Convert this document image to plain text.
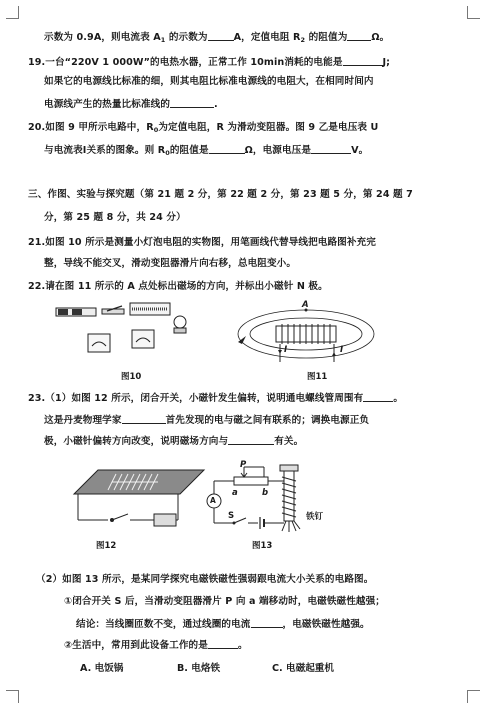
示数为 0.9A，则电流表 $A_1$ 的示数为	A，定值电阻 $R_2$ 的阻值为	Ω。
19.一台“220V 1 000W”的电热水器，正常工作 10min消耗的电能是	J;
如果它的电源线比标准的细，则其电阻比标准电源线的电阻大，在相同时间内
电源线产生的热量比标准线的	.
20.如图 9 甲所示电路中，$R_0$为定值电阻，R 为滑动变阻器。图 9 乙是电压表 U
与电流表Ⅰ关系的图象。则 $R_0$的阻值是	Ω，电源电压是	V。
三、作图、实验与探究题（第 21 题 2 分，第 22 题 2 分，第 23 题 5 分，第 24 题 7
分，第 25 题 8 分，共 24 分）
21.如图 10 所示是测量小灯泡电阻的实物图，用笔画线代替导线把电路图补充完
整，导线不能交叉，滑动变阻器滑片向右移，总电阻变小。
22.请在图 11 所示的 A 点处标出磁场的方向，并标出小磁针 N 极。
图10
A
I	I
图11
23.（1）如图 12 所示，闭合开关，小磁针发生偏转，说明通电螺线管周围有	。
这是丹麦物理学家	首先发现的电与磁之间有联系的；调换电源正负
极，小磁针偏转方向改变，说明磁场方向与	有关。
图12
P
a	b
A
S	铁钉
图13
（2）如图 13 所示，是某同学探究电磁铁磁性强弱跟电流大小关系的电路图。
①闭合开关 S 后，当滑动变阻器滑片 P 向 a 端移动时，电磁铁磁性越强；
结论：当线圈匝数不变，通过线圈的电流	，电磁铁磁性越强。
②生活中，常用到此设备工作的是	。
A. 电饭锅	B. 电烙铁	C. 电磁起重机
